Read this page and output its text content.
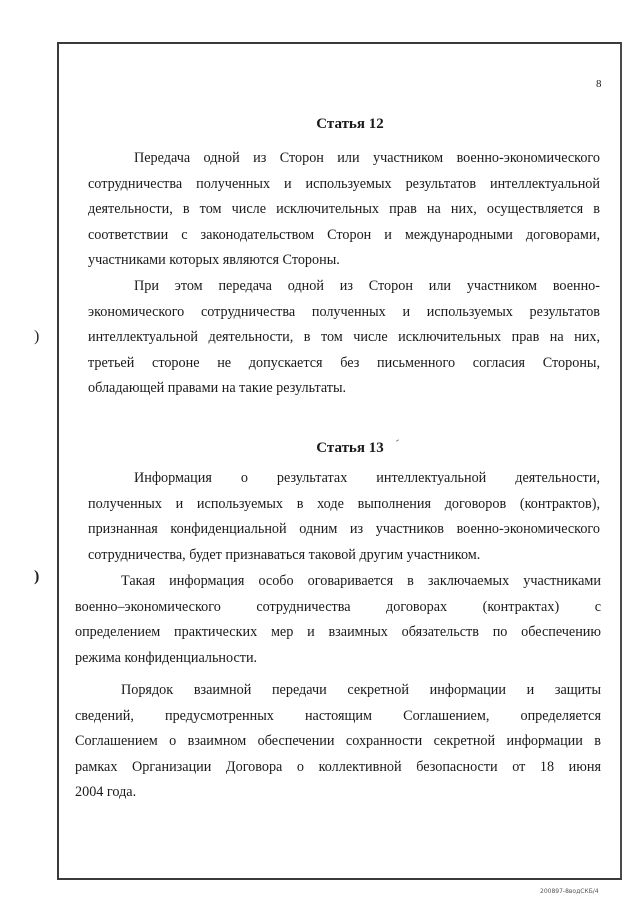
8
Статья 12

Передача одной из Сторон или участником военно-экономического
сотрудничества полученных и используемых результатов интеллектуальной
деятельности, в том числе исключительных прав на них, осуществляется в
соответствии с законодательством Сторон и международными договорами,
участниками которых являются Стороны.

При этом передача одной из Сторон или участником военно-
экономического сотрудничества полученных и используемых результатов
интеллектуальной деятельности, в том числе исключительных прав на них,
третьей стороне не допускается без письменного согласия Стороны,
обладающей правами на такие результаты.

Статья 13

Информация о результатах интеллектуальной деятельности,
полученных и используемых в ходе выполнения договоров (контрактов),
признанная конфиденциальной одним из участников военно-экономического
сотрудничества, будет признаваться таковой другим участником.

Такая информация особо оговаривается в заключаемых участниками
военно–экономического сотрудничества договорах (контрактах) с
определением практических мер и взаимных обязательств по обеспечению
режима конфиденциальности.

Порядок взаимной передачи секретной информации и защиты
сведений, предусмотренных настоящим Соглашением, определяется
Соглашением о взаимном обеспечении сохранности секретной информации в
рамках Организации Договора о коллективной безопасности от 18 июня
2004 года.

)
)
200897-8водСКБ/4
